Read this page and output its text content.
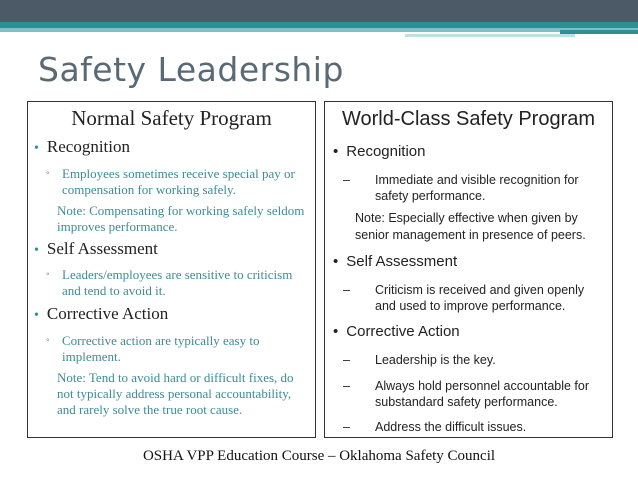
Safety Leadership
Normal Safety Program
• Recognition
◦ Employees sometimes receive special pay or compensation for working safely.
Note: Compensating for working safely seldom improves performance.
• Self Assessment
◦ Leaders/employees are sensitive to criticism and tend to avoid it.
• Corrective Action
◦ Corrective action are typically easy to implement.
Note: Tend to avoid hard or difficult fixes, do not typically address personal accountability, and rarely solve the true root cause.
World-Class Safety Program
• Recognition
– Immediate and visible recognition for safety performance.
Note: Especially effective when given by senior management in presence of peers.
• Self Assessment
– Criticism is received and given openly and used to improve performance.
• Corrective Action
– Leadership is the key.
– Always hold personnel accountable for substandard safety performance.
– Address the difficult issues.
OSHA VPP Education Course – Oklahoma Safety Council
